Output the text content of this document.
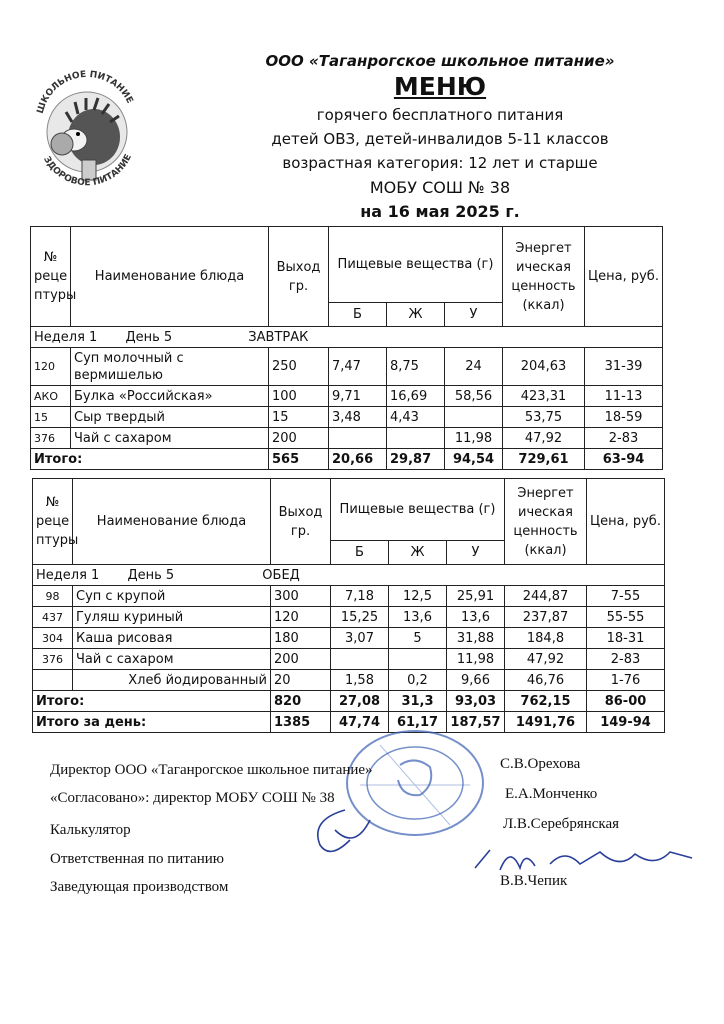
ШКОЛЬНОЕ ПИТАНИЕ
ЗДОРОВОЕ ПИТАНИЕ
ООО «Таганрогское школьное питание»
МЕНЮ
горячего бесплатного питания
детей ОВЗ, детей-инвалидов 5-11 классов
возрастная категория: 12 лет и старше
МОБУ СОШ № 38
на 16 мая 2025 г.
№ реце птуры	Наименование блюда	Выход гр.	Пищевые вещества (г)			Энергет ическая ценность (ккал)	Цена, руб.
			Б	Ж	У		
Неделя 1 День 5 ЗАВТРАК							
120	Суп молочный с вермишелью	250	7,47	8,75	24	204,63	31-39
АКО	Булка «Российская»	100	9,71	16,69	58,56	423,31	11-13
15	Сыр твердый	15	3,48	4,43		53,75	18-59
376	Чай с сахаром	200			11,98	47,92	2-83
Итого:		565	20,66	29,87	94,54	729,61	63-94
№ реце птуры	Наименование блюда	Выход гр.	Пищевые вещества (г)			Энергет ическая ценность (ккал)	Цена, руб.
			Б	Ж	У		
Неделя 1 День 5 ОБЕД							
98	Суп с крупой	300	7,18	12,5	25,91	244,87	7-55
437	Гуляш куриный	120	15,25	13,6	13,6	237,87	55-55
304	Каша рисовая	180	3,07	5	31,88	184,8	18-31
376	Чай с сахаром	200			11,98	47,92	2-83
	Хлеб йодированный	20	1,58	0,2	9,66	46,76	1-76
Итого:		820	27,08	31,3	93,03	762,15	86-00
Итого за день:		1385	47,74	61,17	187,57	1491,76	149-94
Директор ООО «Таганрогское школьное питание»	С.В.Орехова
«Согласовано»: директор МОБУ СОШ № 38	Е.А.Монченко
Калькулятор	Л.В.Серебрянская
Ответственная по питанию
Заведующая производством	В.В.Чепик
